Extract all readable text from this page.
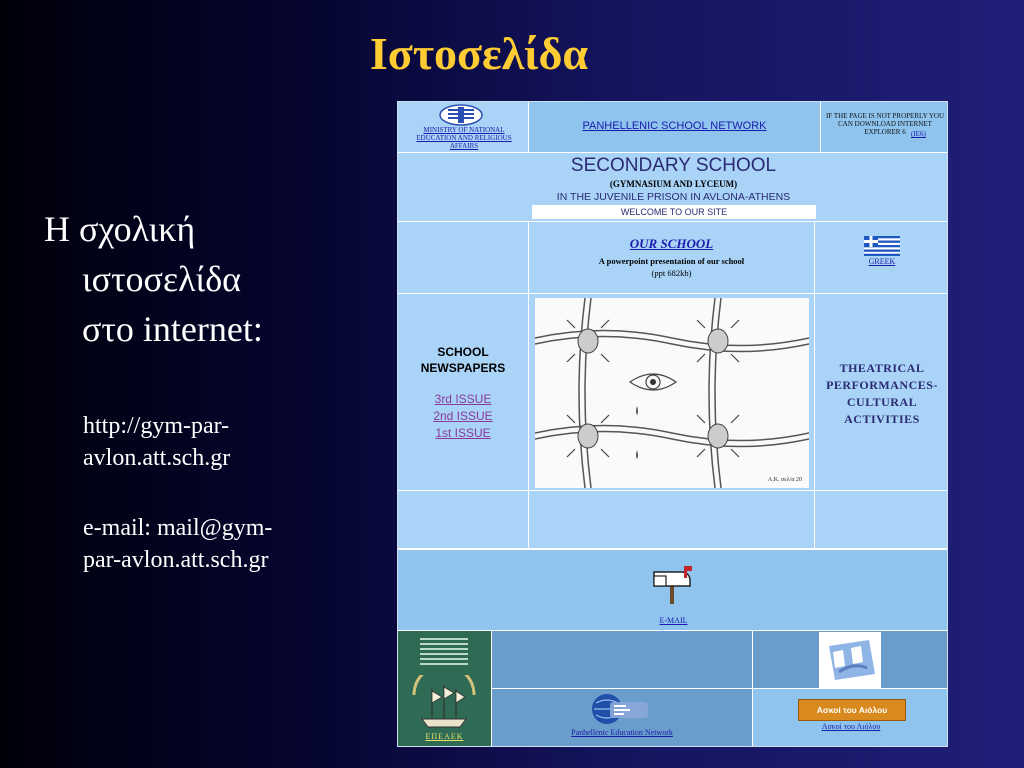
Ιστοσελίδα
Η σχολική
ιστοσελίδα
στο internet:
http://gym-par-
avlon.att.sch.gr
e-mail: mail@gym-
par-avlon.att.sch.gr
MINISTRY OF NATIONAL EDUCATION AND RELIGIOUS AFFAIRS
PANHELLENIC SCHOOL NETWORK
IF THE PAGE IS NOT PROPERLY YOU CAN DOWNLOAD INTERNET EXPLORER 6 (IE6)
SECONDARY SCHOOL
(GYMNASIUM AND LYCEUM)
IN THE JUVENILE PRISON IN AVLONA-ATHENS
WELCOME TO OUR SITE
OUR SCHOOL
A powerpoint presentation of our school
(ppt 682kb)
GREEK
SCHOOL
NEWSPAPERS
3rd ISSUE
2nd ISSUE
1st ISSUE
A.K. σελ/α 20
THEATRICAL
PERFORMANCES-
CULTURAL
ACTIVITIES
E-MAIL
ΕΠΕΑΕΚ	Panhellenic Education Network
Ασκοί του Αιόλου
Ασκοί του Αιόλου
